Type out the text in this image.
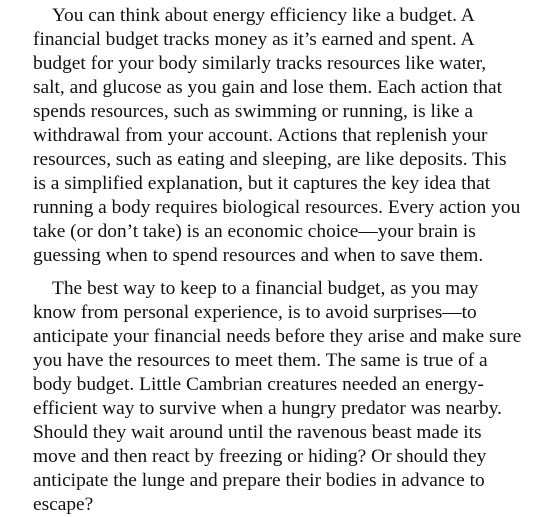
You can think about energy efficiency like a budget. A
financial budget tracks money as it’s earned and spent. A
budget for your body similarly tracks resources like water,
salt, and glucose as you gain and lose them. Each action that
spends resources, such as swimming or running, is like a
withdrawal from your account. Actions that replenish your
resources, such as eating and sleeping, are like deposits. This
is a simplified explanation, but it captures the key idea that
running a body requires biological resources. Every action you
take (or don’t take) is an economic choice—your brain is
guessing when to spend resources and when to save them.

The best way to keep to a financial budget, as you may
know from personal experience, is to avoid surprises—to
anticipate your financial needs before they arise and make sure
you have the resources to meet them. The same is true of a
body budget. Little Cambrian creatures needed an energy-
efficient way to survive when a hungry predator was nearby.
Should they wait around until the ravenous beast made its
move and then react by freezing or hiding? Or should they
anticipate the lunge and prepare their bodies in advance to
escape?
